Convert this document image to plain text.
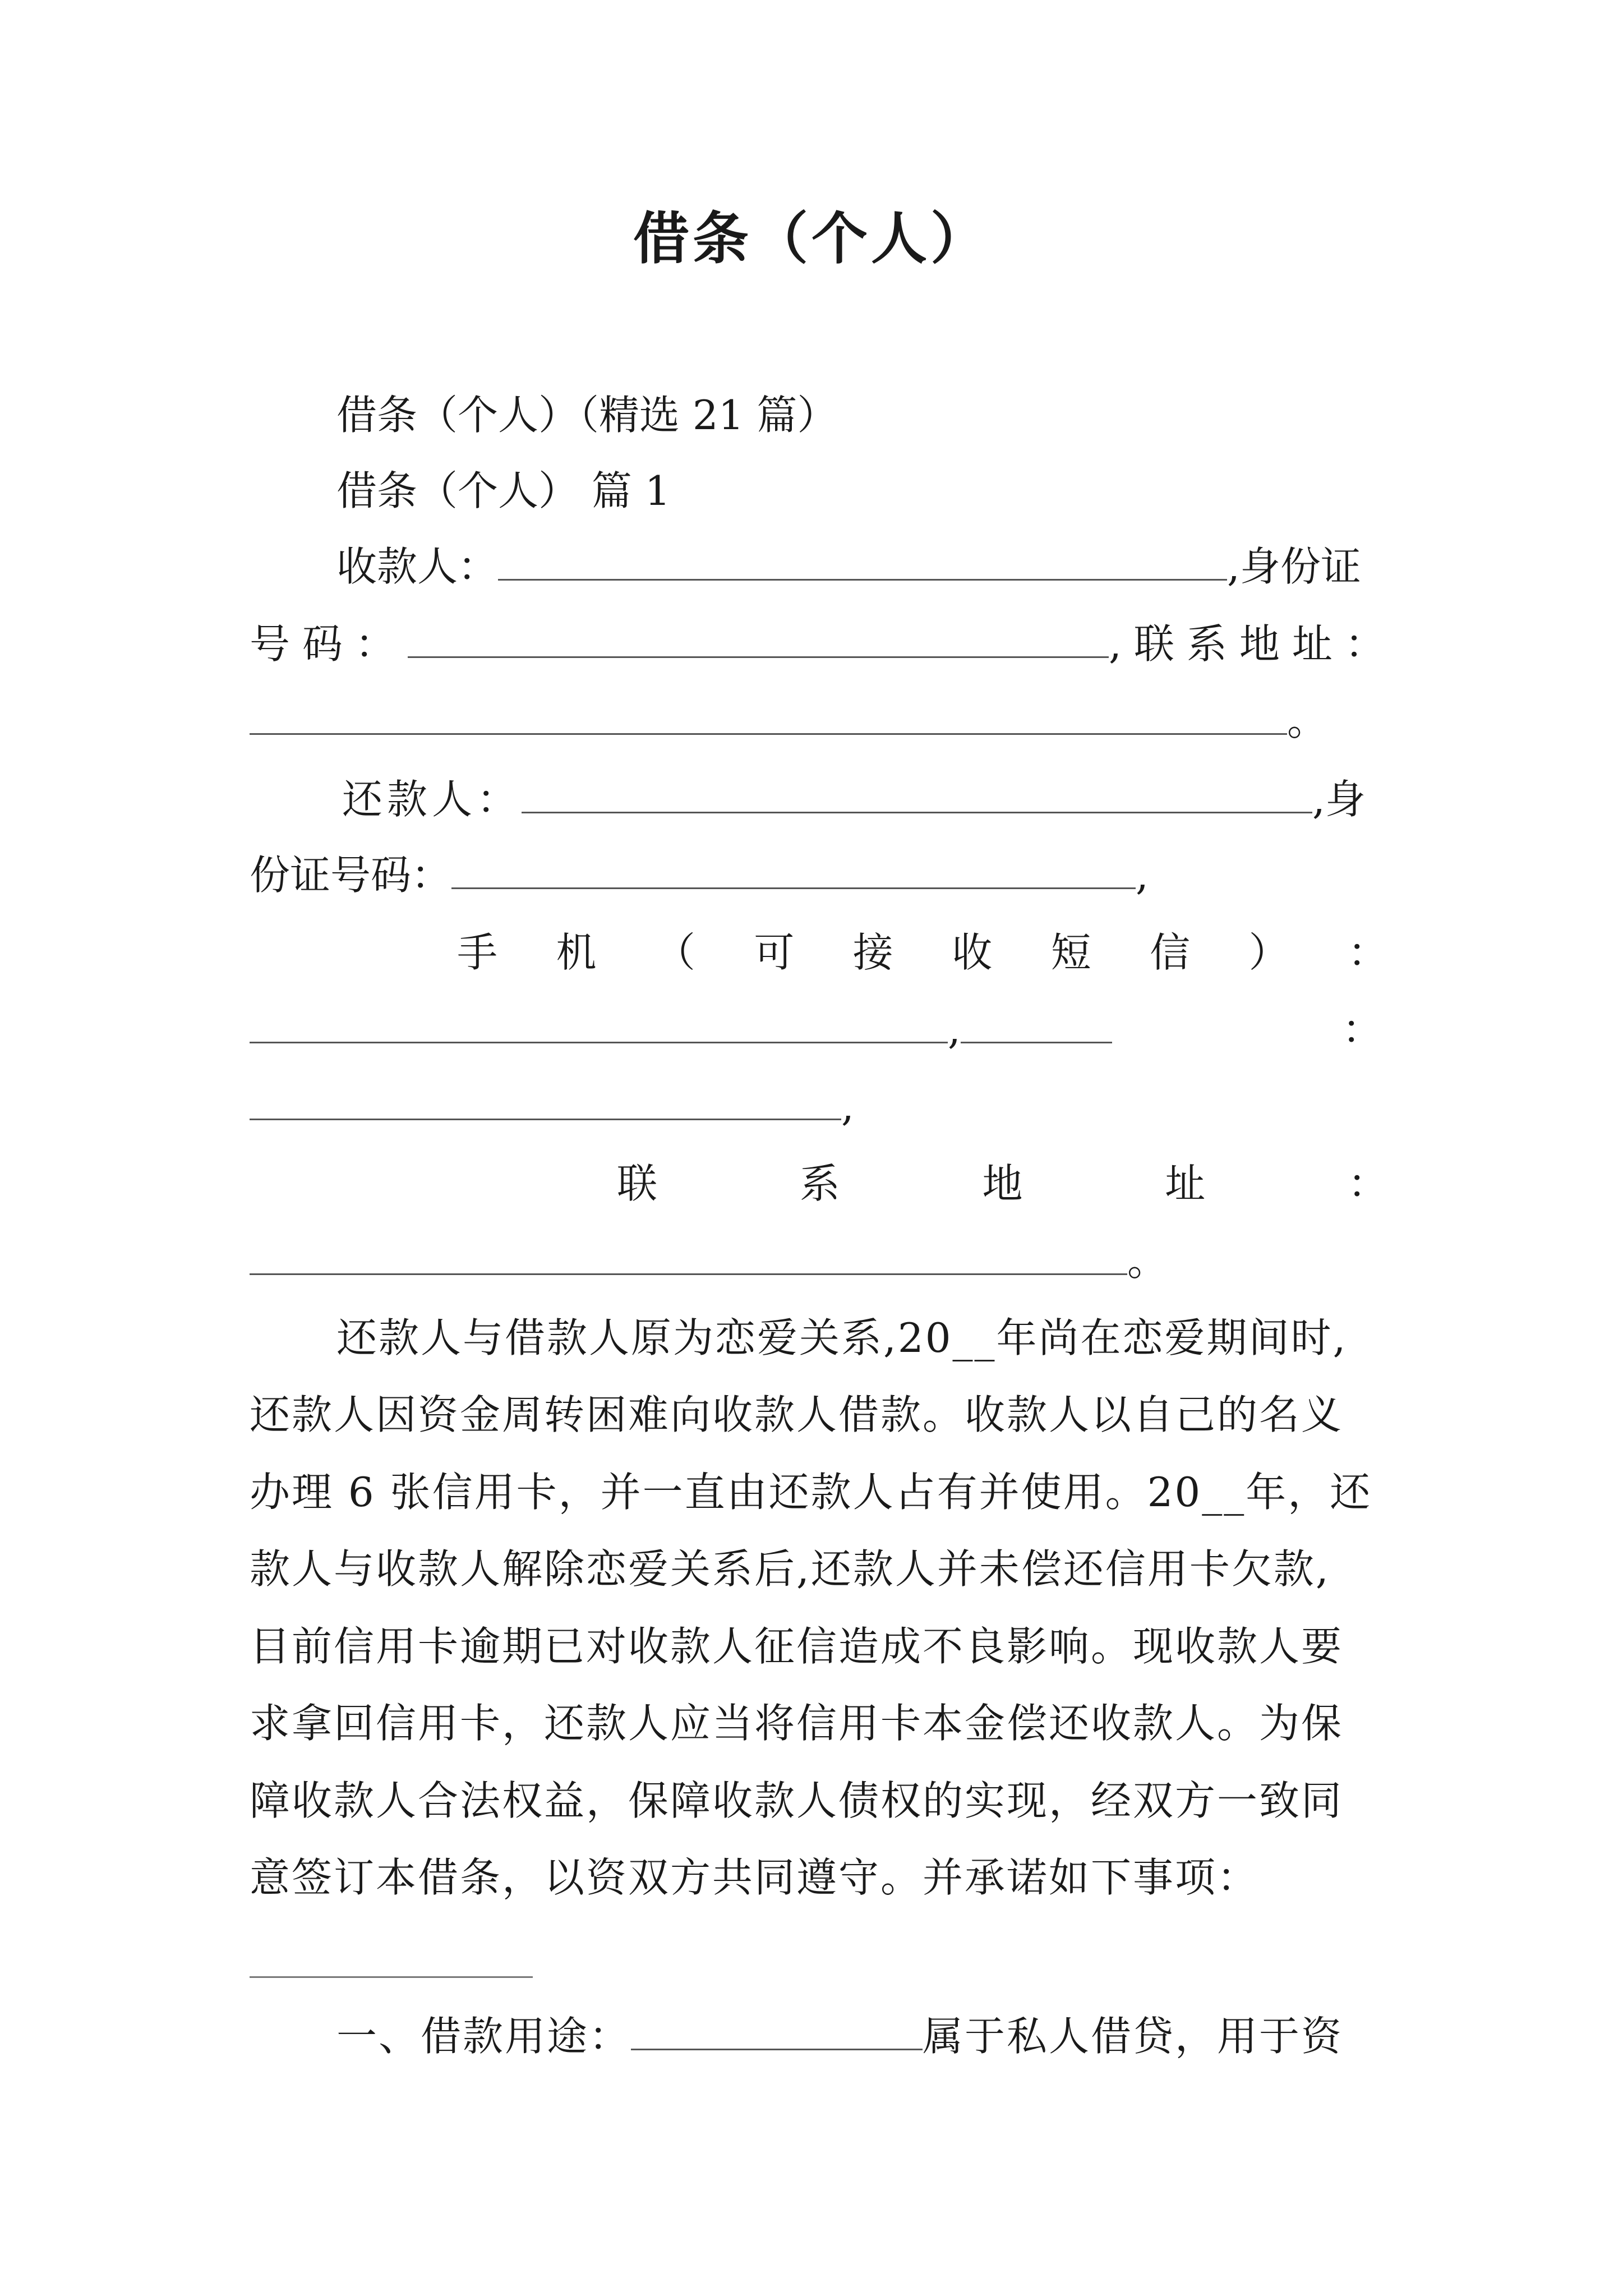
借条（个人）
借条（个人）（精选 21 篇）
借条（个人） 篇 1
收款人：	,身份证
号码：	,联系地址：
。
还款人：	,身
份证号码：	,
手 机 （ 可 接 收 短 信 ） ：
,	：
,
联	系	地	址	：
。
还款人与借款人原为恋爱关系,20__年尚在恋爱期间时,
还款人因资金周转困难向收款人借款。收款人以自己的名义
办理 6 张信用卡，并一直由还款人占有并使用。20__年，还
款人与收款人解除恋爱关系后,还款人并未偿还信用卡欠款,
目前信用卡逾期已对收款人征信造成不良影响。现收款人要
求拿回信用卡，还款人应当将信用卡本金偿还收款人。为保
障收款人合法权益，保障收款人债权的实现，经双方一致同
意签订本借条，以资双方共同遵守。并承诺如下事项：
一、借款用途：	属于私人借贷，用于资
